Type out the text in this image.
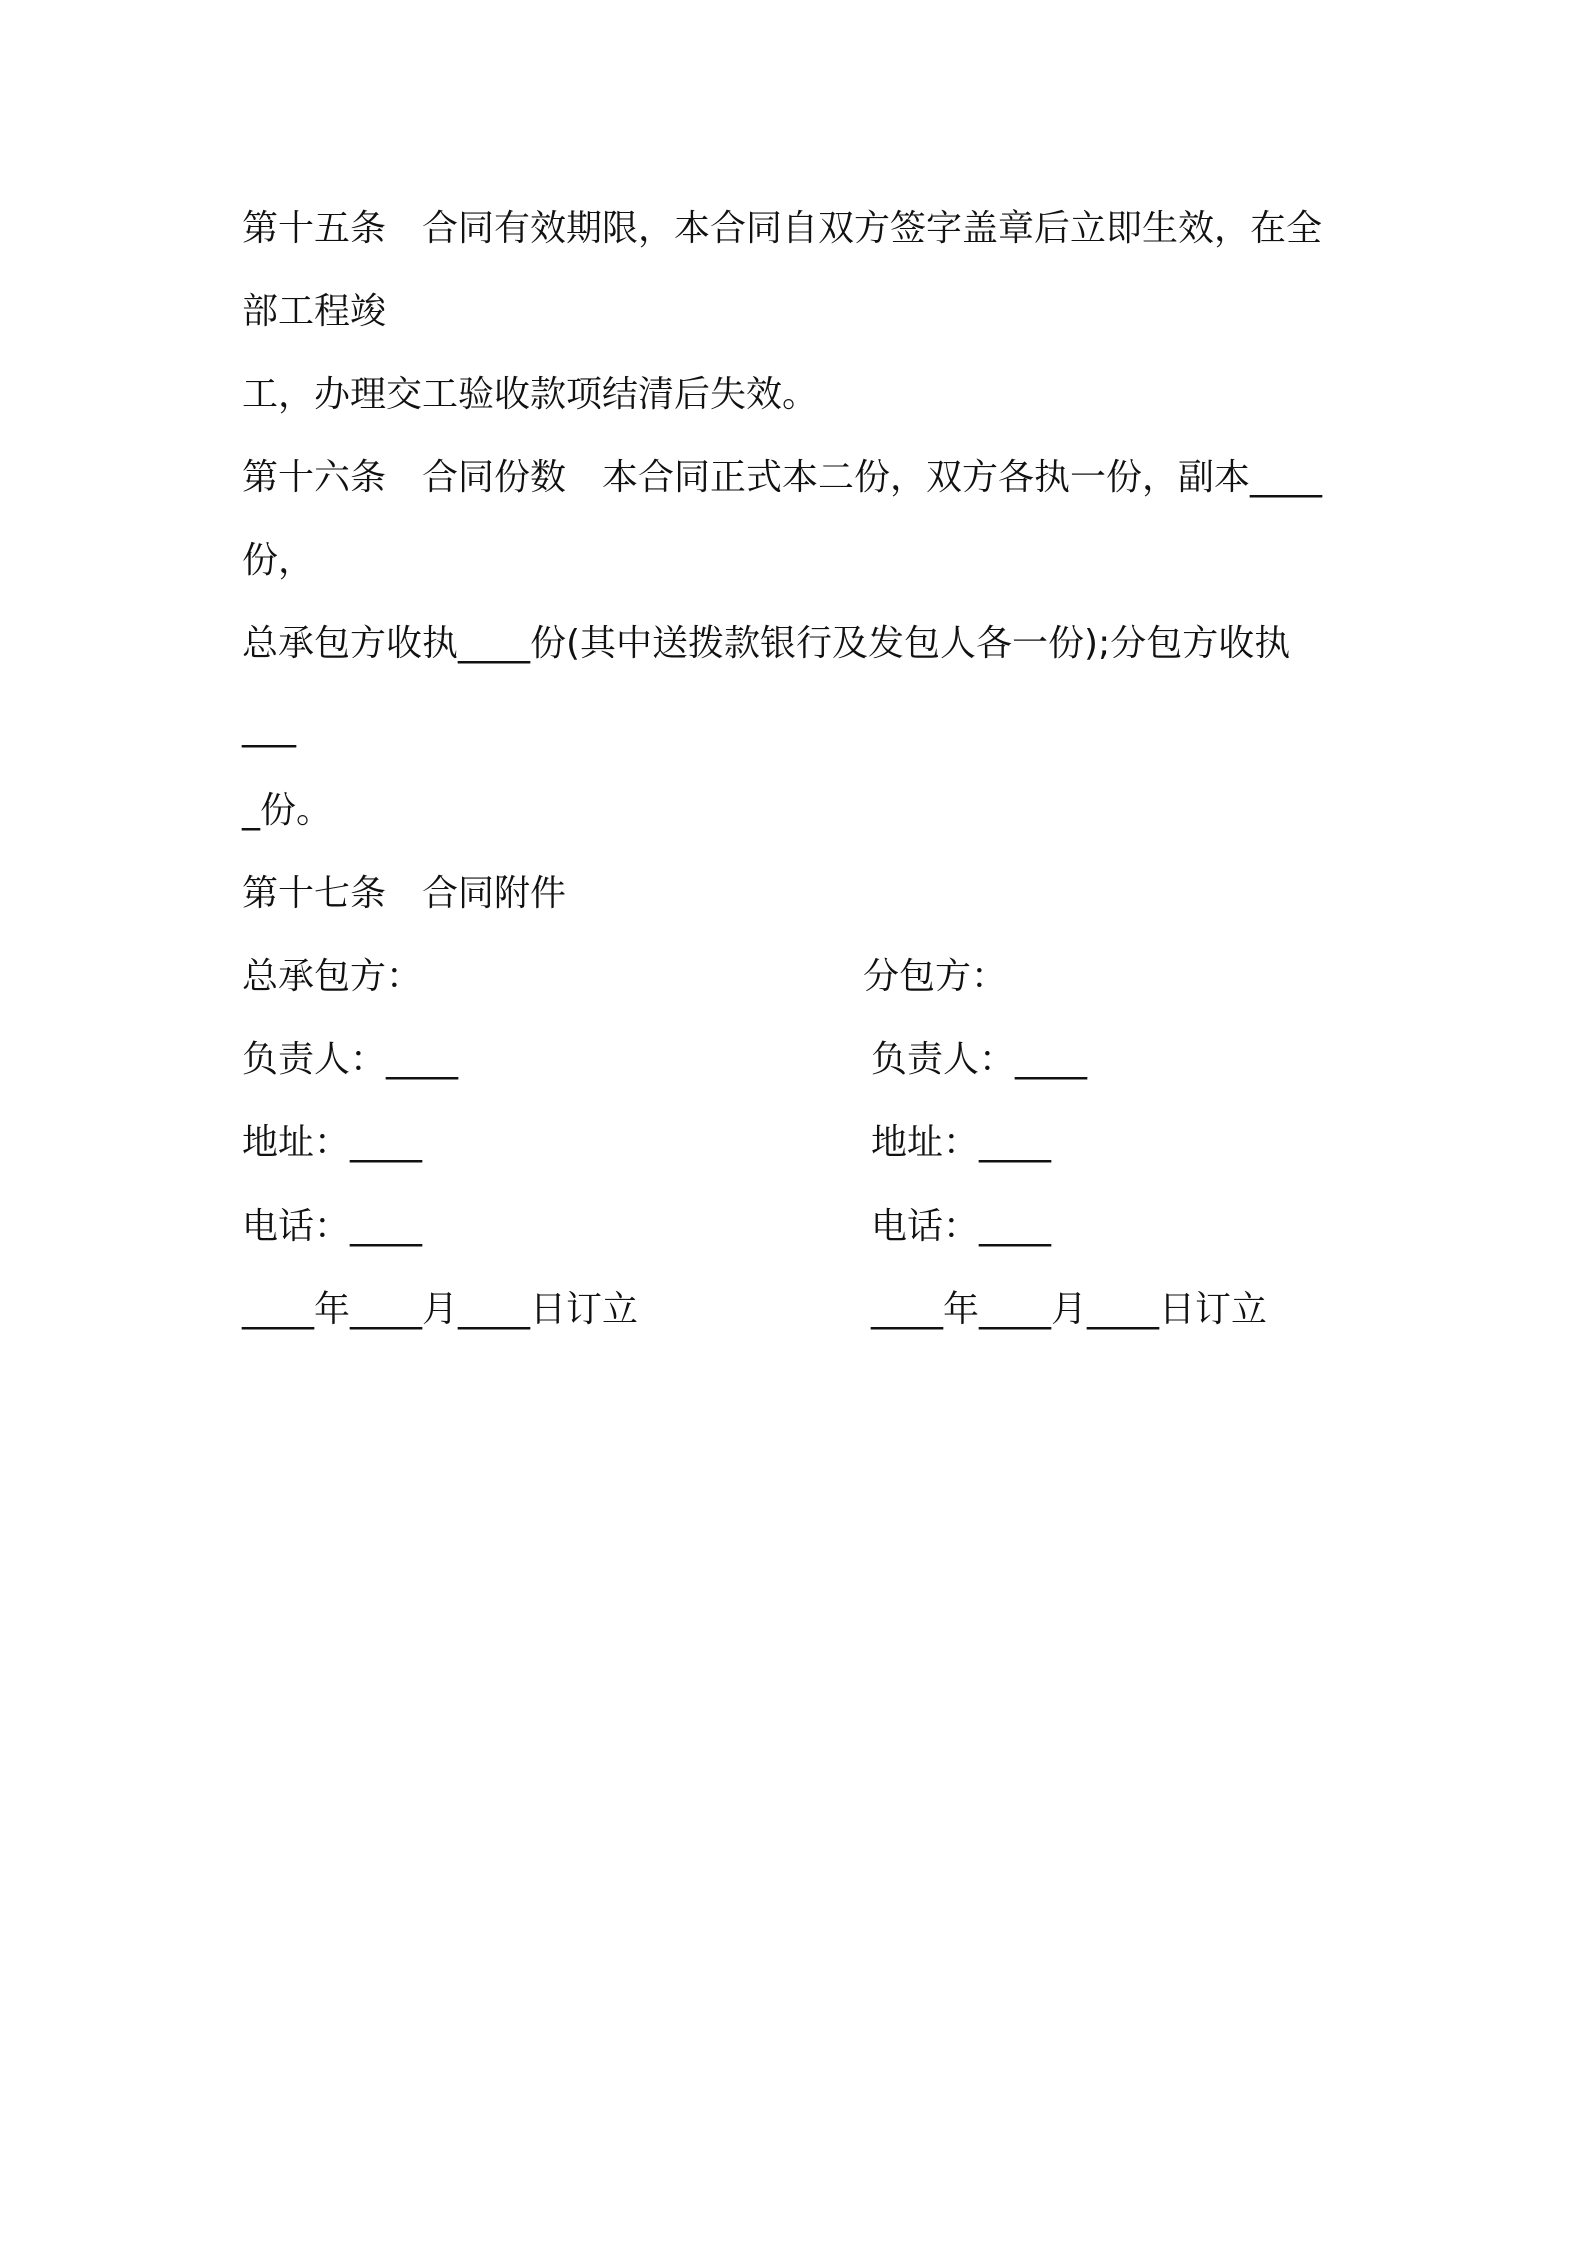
第十五条　合同有效期限，本合同自双方签字盖章后立即生效，在全
部工程竣
工，办理交工验收款项结清后失效。
第十六条　合同份数　本合同正式本二份，双方各执一份，副本____
份，
总承包方收执____份(其中送拨款银行及发包人各一份);分包方收执
___
_份。
第十七条　合同附件
总承包方：
负责人：____
地址：____
电话：____
____年____月____日订立
分包方：
负责人：____
地址：____
电话：____
____年____月____日订立
